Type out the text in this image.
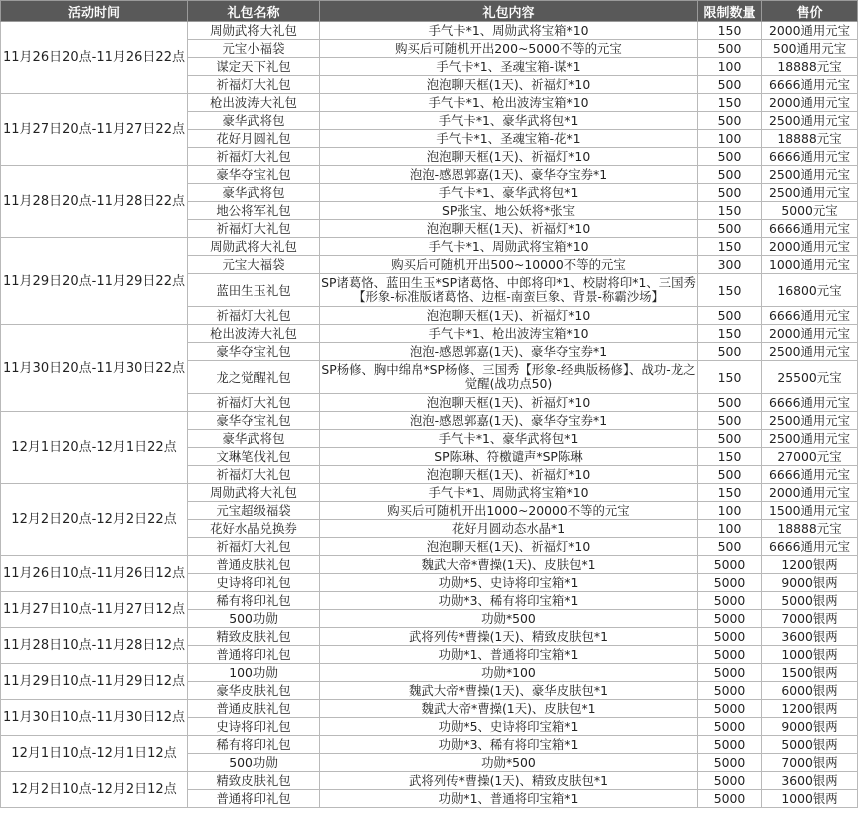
活动时间	礼包名称	礼包内容	限制数量	售价
11月26日20点-11月26日22点	周勋武将大礼包	手气卡*1、周勋武将宝箱*10	150	2000通用元宝
	元宝小福袋	购买后可随机开出200~5000不等的元宝	500	500通用元宝
	谋定天下礼包	手气卡*1、圣魂宝箱-谋*1	100	18888元宝
	祈福灯大礼包	泡泡聊天框(1天)、祈福灯*10	500	6666通用元宝
11月27日20点-11月27日22点	枪出波涛大礼包	手气卡*1、枪出波涛宝箱*10	150	2000通用元宝
	豪华武将包	手气卡*1、豪华武将包*1	500	2500通用元宝
	花好月圆礼包	手气卡*1、圣魂宝箱-花*1	100	18888元宝
	祈福灯大礼包	泡泡聊天框(1天)、祈福灯*10	500	6666通用元宝
11月28日20点-11月28日22点	豪华夺宝礼包	泡泡-感恩郭嘉(1天)、豪华夺宝券*1	500	2500通用元宝
	豪华武将包	手气卡*1、豪华武将包*1	500	2500通用元宝
	地公将军礼包	SP张宝、地公妖将*张宝	150	5000元宝
	祈福灯大礼包	泡泡聊天框(1天)、祈福灯*10	500	6666通用元宝
11月29日20点-11月29日22点	周勋武将大礼包	手气卡*1、周勋武将宝箱*10	150	2000通用元宝
	元宝大福袋	购买后可随机开出500~10000不等的元宝	300	1000通用元宝
	蓝田生玉礼包	SP诸葛恪、蓝田生玉*SP诸葛恪、中郎将印*1、校尉将印*1、三国秀【形象-标准版诸葛恪、边框-南蛮巨象、背景-称霸沙场】	150	16800元宝
	祈福灯大礼包	泡泡聊天框(1天)、祈福灯*10	500	6666通用元宝
11月30日20点-11月30日22点	枪出波涛大礼包	手气卡*1、枪出波涛宝箱*10	150	2000通用元宝
	豪华夺宝礼包	泡泡-感恩郭嘉(1天)、豪华夺宝券*1	500	2500通用元宝
	龙之觉醒礼包	SP杨修、胸中绵帛*SP杨修、三国秀【形象-经典版杨修】、战功-龙之觉醒(战功点50)	150	25500元宝
	祈福灯大礼包	泡泡聊天框(1天)、祈福灯*10	500	6666通用元宝
12月1日20点-12月1日22点	豪华夺宝礼包	泡泡-感恩郭嘉(1天)、豪华夺宝券*1	500	2500通用元宝
	豪华武将包	手气卡*1、豪华武将包*1	500	2500通用元宝
	文琳笔伐礼包	SP陈琳、符檄谴声*SP陈琳	150	27000元宝
	祈福灯大礼包	泡泡聊天框(1天)、祈福灯*10	500	6666通用元宝
12月2日20点-12月2日22点	周勋武将大礼包	手气卡*1、周勋武将宝箱*10	150	2000通用元宝
	元宝超级福袋	购买后可随机开出1000~20000不等的元宝	100	1500通用元宝
	花好水晶兑换券	花好月圆动态水晶*1	100	18888元宝
	祈福灯大礼包	泡泡聊天框(1天)、祈福灯*10	500	6666通用元宝
11月26日10点-11月26日12点	普通皮肤礼包	魏武大帝*曹操(1天)、皮肤包*1	5000	1200银两
	史诗将印礼包	功勋*5、史诗将印宝箱*1	5000	9000银两
11月27日10点-11月27日12点	稀有将印礼包	功勋*3、稀有将印宝箱*1	5000	5000银两
	500功勋	功勋*500	5000	7000银两
11月28日10点-11月28日12点	精致皮肤礼包	武将列传*曹操(1天)、精致皮肤包*1	5000	3600银两
	普通将印礼包	功勋*1、普通将印宝箱*1	5000	1000银两
11月29日10点-11月29日12点	100功勋	功勋*100	5000	1500银两
	豪华皮肤礼包	魏武大帝*曹操(1天)、豪华皮肤包*1	5000	6000银两
11月30日10点-11月30日12点	普通皮肤礼包	魏武大帝*曹操(1天)、皮肤包*1	5000	1200银两
	史诗将印礼包	功勋*5、史诗将印宝箱*1	5000	9000银两
12月1日10点-12月1日12点	稀有将印礼包	功勋*3、稀有将印宝箱*1	5000	5000银两
	500功勋	功勋*500	5000	7000银两
12月2日10点-12月2日12点	精致皮肤礼包	武将列传*曹操(1天)、精致皮肤包*1	5000	3600银两
	普通将印礼包	功勋*1、普通将印宝箱*1	5000	1000银两
